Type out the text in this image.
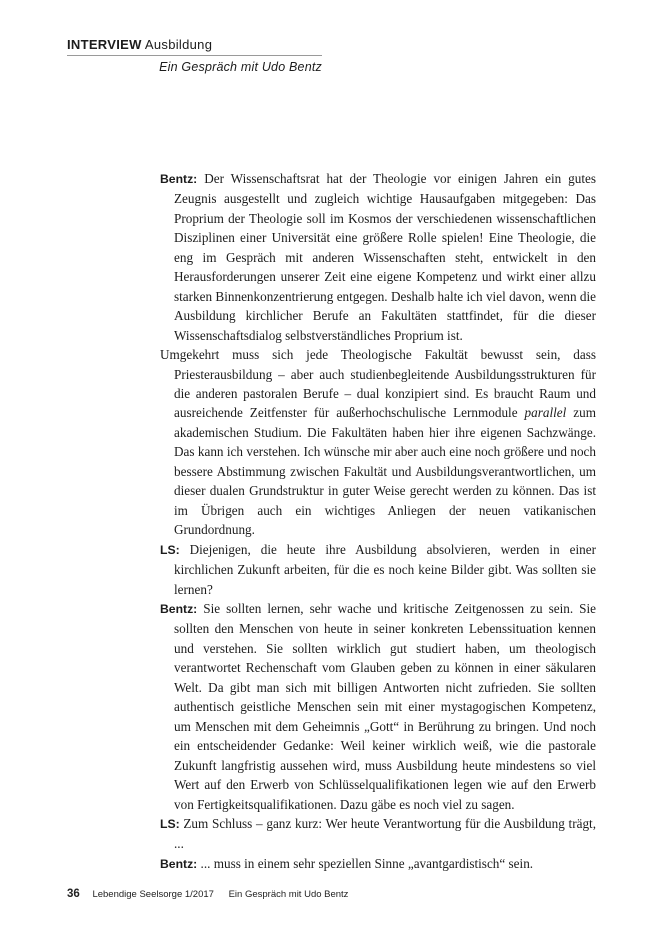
INTERVIEW Ausbildung
Ein Gespräch mit Udo Bentz
Bentz: Der Wissenschaftsrat hat der Theologie vor einigen Jahren ein gutes Zeugnis ausgestellt und zugleich wichtige Hausaufgaben mitgegeben: Das Proprium der Theologie soll im Kosmos der verschiedenen wissenschaftlichen Disziplinen einer Universität eine größere Rolle spielen! Eine Theologie, die eng im Gespräch mit anderen Wissenschaften steht, entwickelt in den Herausforderungen unserer Zeit eine eigene Kompetenz und wirkt einer allzu starken Binnenkonzentrierung entgegen. Deshalb halte ich viel davon, wenn die Ausbildung kirchlicher Berufe an Fakultäten stattfindet, für die dieser Wissenschaftsdialog selbstverständliches Proprium ist.
Umgekehrt muss sich jede Theologische Fakultät bewusst sein, dass Priesterausbildung – aber auch studienbegleitende Ausbildungsstrukturen für die anderen pastoralen Berufe – dual konzipiert sind. Es braucht Raum und ausreichende Zeitfenster für außerhochschulische Lernmodule parallel zum akademischen Studium. Die Fakultäten haben hier ihre eigenen Sachzwänge. Das kann ich verstehen. Ich wünsche mir aber auch eine noch größere und noch bessere Abstimmung zwischen Fakultät und Ausbildungsverantwortlichen, um dieser dualen Grundstruktur in guter Weise gerecht werden zu können. Das ist im Übrigen auch ein wichtiges Anliegen der neuen vatikanischen Grundordnung.
LS: Diejenigen, die heute ihre Ausbildung absolvieren, werden in einer kirchlichen Zukunft arbeiten, für die es noch keine Bilder gibt. Was sollten sie lernen?
Bentz: Sie sollten lernen, sehr wache und kritische Zeitgenossen zu sein. Sie sollten den Menschen von heute in seiner konkreten Lebenssituation kennen und verstehen. Sie sollten wirklich gut studiert haben, um theologisch verantwortet Rechenschaft vom Glauben geben zu können in einer säkularen Welt. Da gibt man sich mit billigen Antworten nicht zufrieden. Sie sollten authentisch geistliche Menschen sein mit einer mystagogischen Kompetenz, um Menschen mit dem Geheimnis „Gott“ in Berührung zu bringen. Und noch ein entscheidender Gedanke: Weil keiner wirklich weiß, wie die pastorale Zukunft langfristig aussehen wird, muss Ausbildung heute mindestens so viel Wert auf den Erwerb von Schlüsselqualifikationen legen wie auf den Erwerb von Fertigkeitsqualifikationen. Dazu gäbe es noch viel zu sagen.
LS: Zum Schluss – ganz kurz: Wer heute Verantwortung für die Ausbildung trägt, ...
Bentz: ... muss in einem sehr speziellen Sinne „avantgardistisch“ sein.
36 Lebendige Seelsorge 1/2017 Ein Gespräch mit Udo Bentz
